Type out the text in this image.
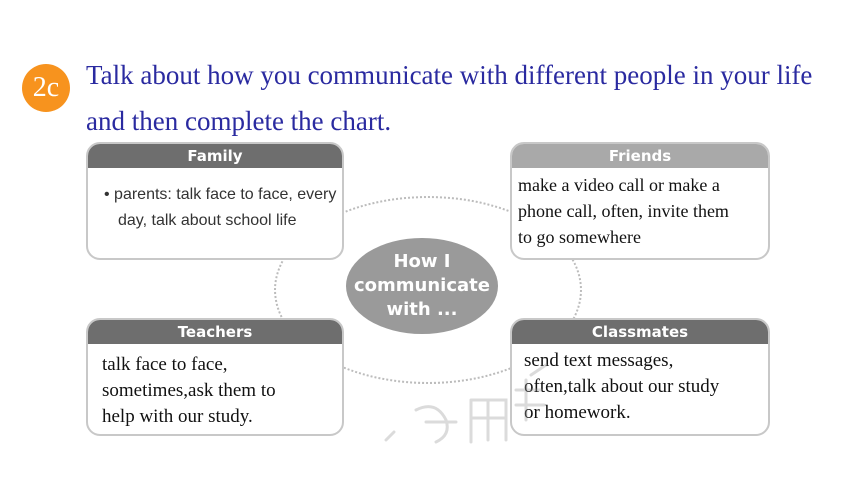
2c Talk about how you communicate with different people in your life and then complete the chart.
Family
• parents: talk face to face, every
day, talk about school life
Friends
make a video call or make a
phone call, often, invite them
to go somewhere
How I
communicate
with ...
Teachers
talk face to face,
sometimes,ask them to
help with our study.
Classmates
send text messages,
often,talk about our study
or homework.
